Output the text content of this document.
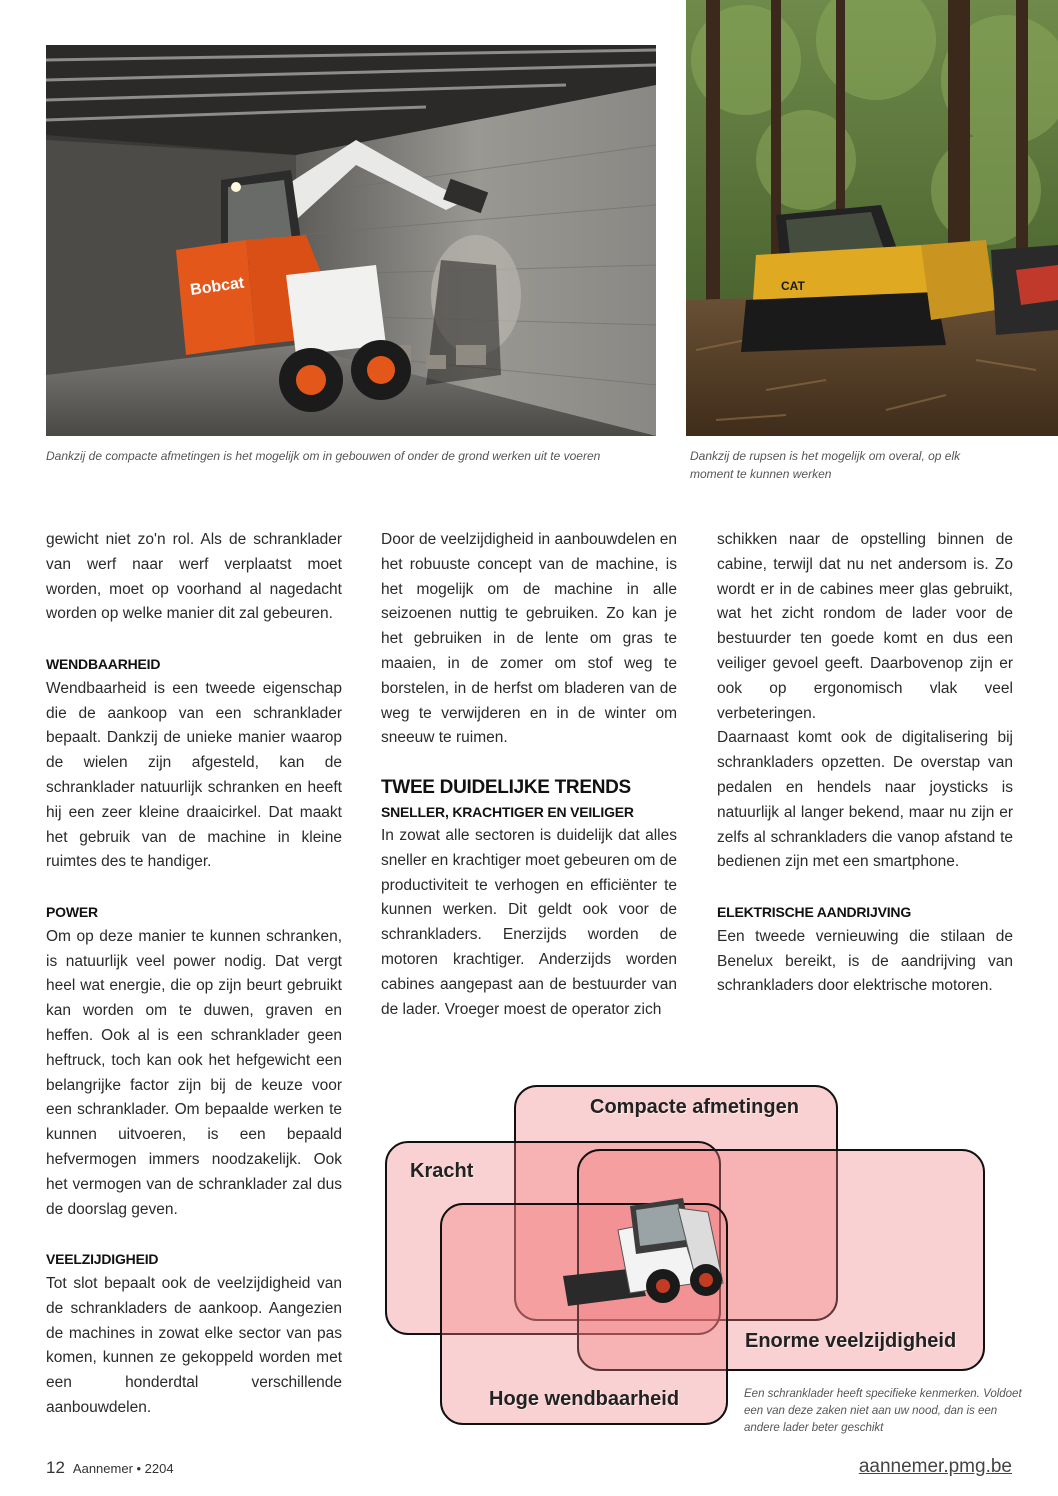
Bobcat
Dankzij de compacte afmetingen is het mogelijk om in gebouwen of onder de grond werken uit te voeren
CAT
Dankzij de rupsen is het mogelijk om overal, op elk moment te kunnen werken

gewicht niet zo'n rol. Als de schranklader van werf naar werf verplaatst moet worden, moet op voorhand al nagedacht worden op welke manier dit zal gebeuren.

WENDBAARHEID

Wendbaarheid is een tweede eigenschap die de aankoop van een schranklader bepaalt. Dankzij de unieke manier waarop de wielen zijn afgesteld, kan de schranklader natuurlijk schranken en heeft hij een zeer kleine draaicirkel. Dat maakt het gebruik van de machine in kleine ruimtes des te handiger.

POWER

Om op deze manier te kunnen schranken, is natuurlijk veel power nodig. Dat vergt heel wat energie, die op zijn beurt gebruikt kan worden om te duwen, graven en heffen. Ook al is een schranklader geen heftruck, toch kan ook het hefgewicht een belangrijke factor zijn bij de keuze voor een schranklader. Om bepaalde werken te kunnen uitvoeren, is een bepaald hefvermogen immers noodzakelijk. Ook het vermogen van de schranklader zal dus de doorslag geven.

VEELZIJDIGHEID

Tot slot bepaalt ook de veelzijdigheid van de schrankladers de aankoop. Aangezien de machines in zowat elke sector van pas komen, kunnen ze gekoppeld worden met een honderdtal verschillende aanbouwdelen.

Door de veelzijdigheid in aanbouwdelen en het robuuste concept van de machine, is het mogelijk om de machine in alle seizoenen nuttig te gebruiken. Zo kan je het gebruiken in de lente om gras te maaien, in de zomer om stof weg te borstelen, in de herfst om bladeren van de weg te verwijderen en in de winter om sneeuw te ruimen.

TWEE DUIDELIJKE TRENDS
SNELLER, KRACHTIGER EN VEILIGER

In zowat alle sectoren is duidelijk dat alles sneller en krachtiger moet gebeuren om de productiviteit te verhogen en efficiënter te kunnen werken. Dit geldt ook voor de schrankladers. Enerzijds worden de motoren krachtiger. Anderzijds worden cabines aangepast aan de bestuurder van de lader. Vroeger moest de operator zich

schikken naar de opstelling binnen de cabine, terwijl dat nu net andersom is. Zo wordt er in de cabines meer glas gebruikt, wat het zicht rondom de lader voor de bestuurder ten goede komt en dus een veiliger gevoel geeft. Daarbovenop zijn er ook op ergonomisch vlak veel verbeteringen.

Daarnaast komt ook de digitalisering bij schrankladers opzetten. De overstap van pedalen en hendels naar joysticks is natuurlijk al langer bekend, maar nu zijn er zelfs al schrankladers die vanop afstand te bedienen zijn met een smartphone.

ELEKTRISCHE AANDRIJVING

Een tweede vernieuwing die stilaan de Benelux bereikt, is de aandrijving van schrankladers door elektrische motoren.

Compacte afmetingen
Kracht
Enorme veelzijdigheid
Hoge wendbaarheid	Een schranklader heeft specifieke kenmerken. Voldoet een van deze zaken niet aan uw nood, dan is een andere lader beter geschikt
12 Aannemer • 2204	aannemer.pmg.be
